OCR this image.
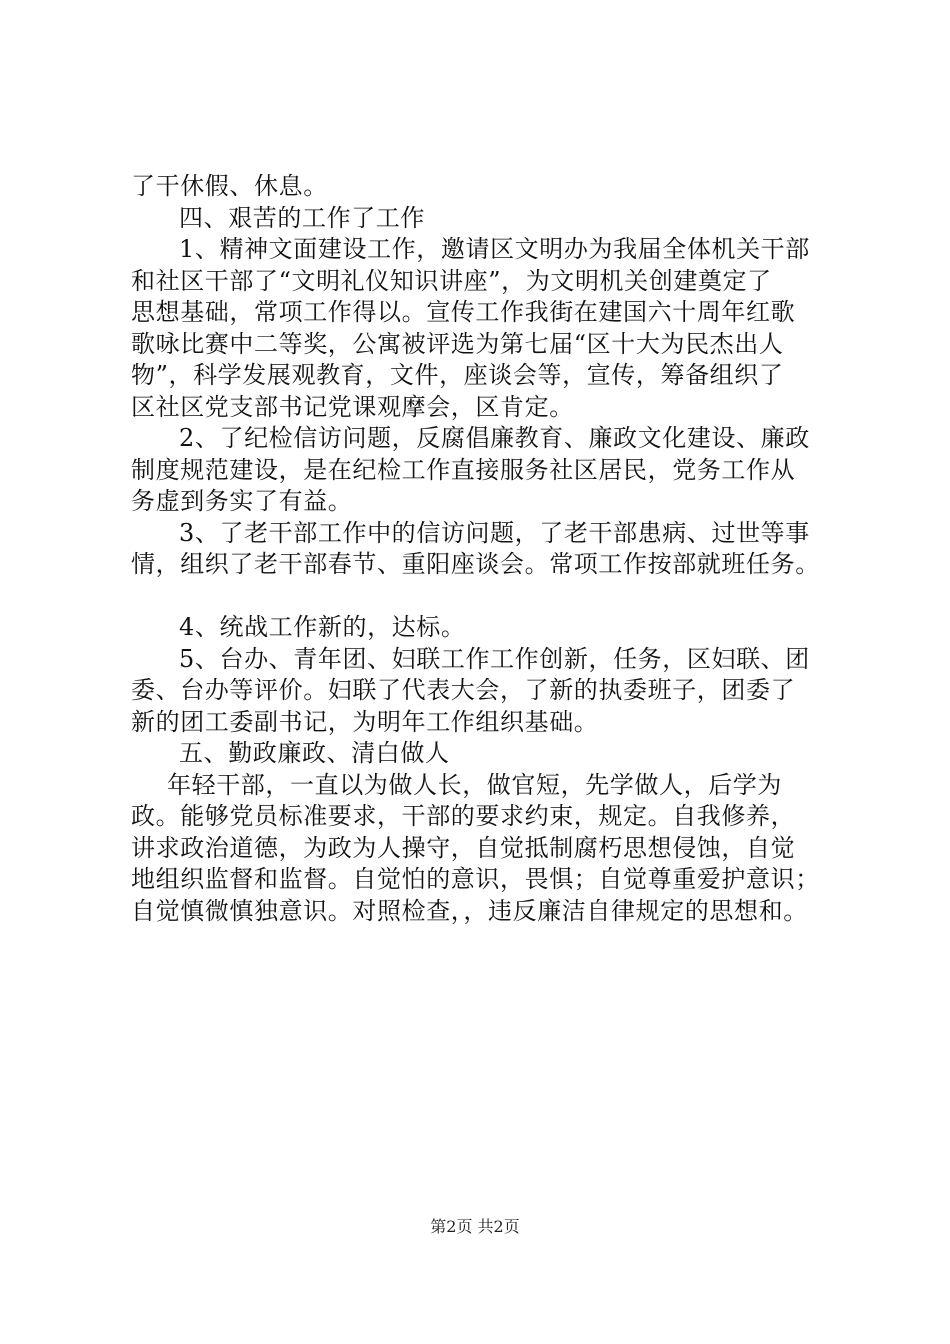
了干休假、休息。
四、艰苦的工作了工作
1、精神文面建设工作，邀请区文明办为我届全体机关干部
和社区干部了“文明礼仪知识讲座”，为文明机关创建奠定了
思想基础，常项工作得以。宣传工作我街在建国六十周年红歌
歌咏比赛中二等奖，公寓被评选为第七届“区十大为民杰出人
物”，科学发展观教育，文件，座谈会等，宣传，筹备组织了
区社区党支部书记党课观摩会，区肯定。
2、了纪检信访问题，反腐倡廉教育、廉政文化建设、廉政
制度规范建设，是在纪检工作直接服务社区居民，党务工作从
务虚到务实了有益。
3、了老干部工作中的信访问题，了老干部患病、过世等事
情，组织了老干部春节、重阳座谈会。常项工作按部就班任务。
4、统战工作新的，达标。
5、台办、青年团、妇联工作工作创新，任务，区妇联、团
委、台办等评价。妇联了代表大会，了新的执委班子，团委了
新的团工委副书记，为明年工作组织基础。
五、勤政廉政、清白做人
年轻干部，一直以为做人长，做官短，先学做人，后学为
政。能够党员标准要求，干部的要求约束，规定。自我修养，
讲求政治道德，为政为人操守，自觉抵制腐朽思想侵蚀，自觉
地组织监督和监督。自觉怕的意识，畏惧；自觉尊重爱护意识；
自觉慎微慎独意识。对照检查，，违反廉洁自律规定的思想和。
第2页 共2页
